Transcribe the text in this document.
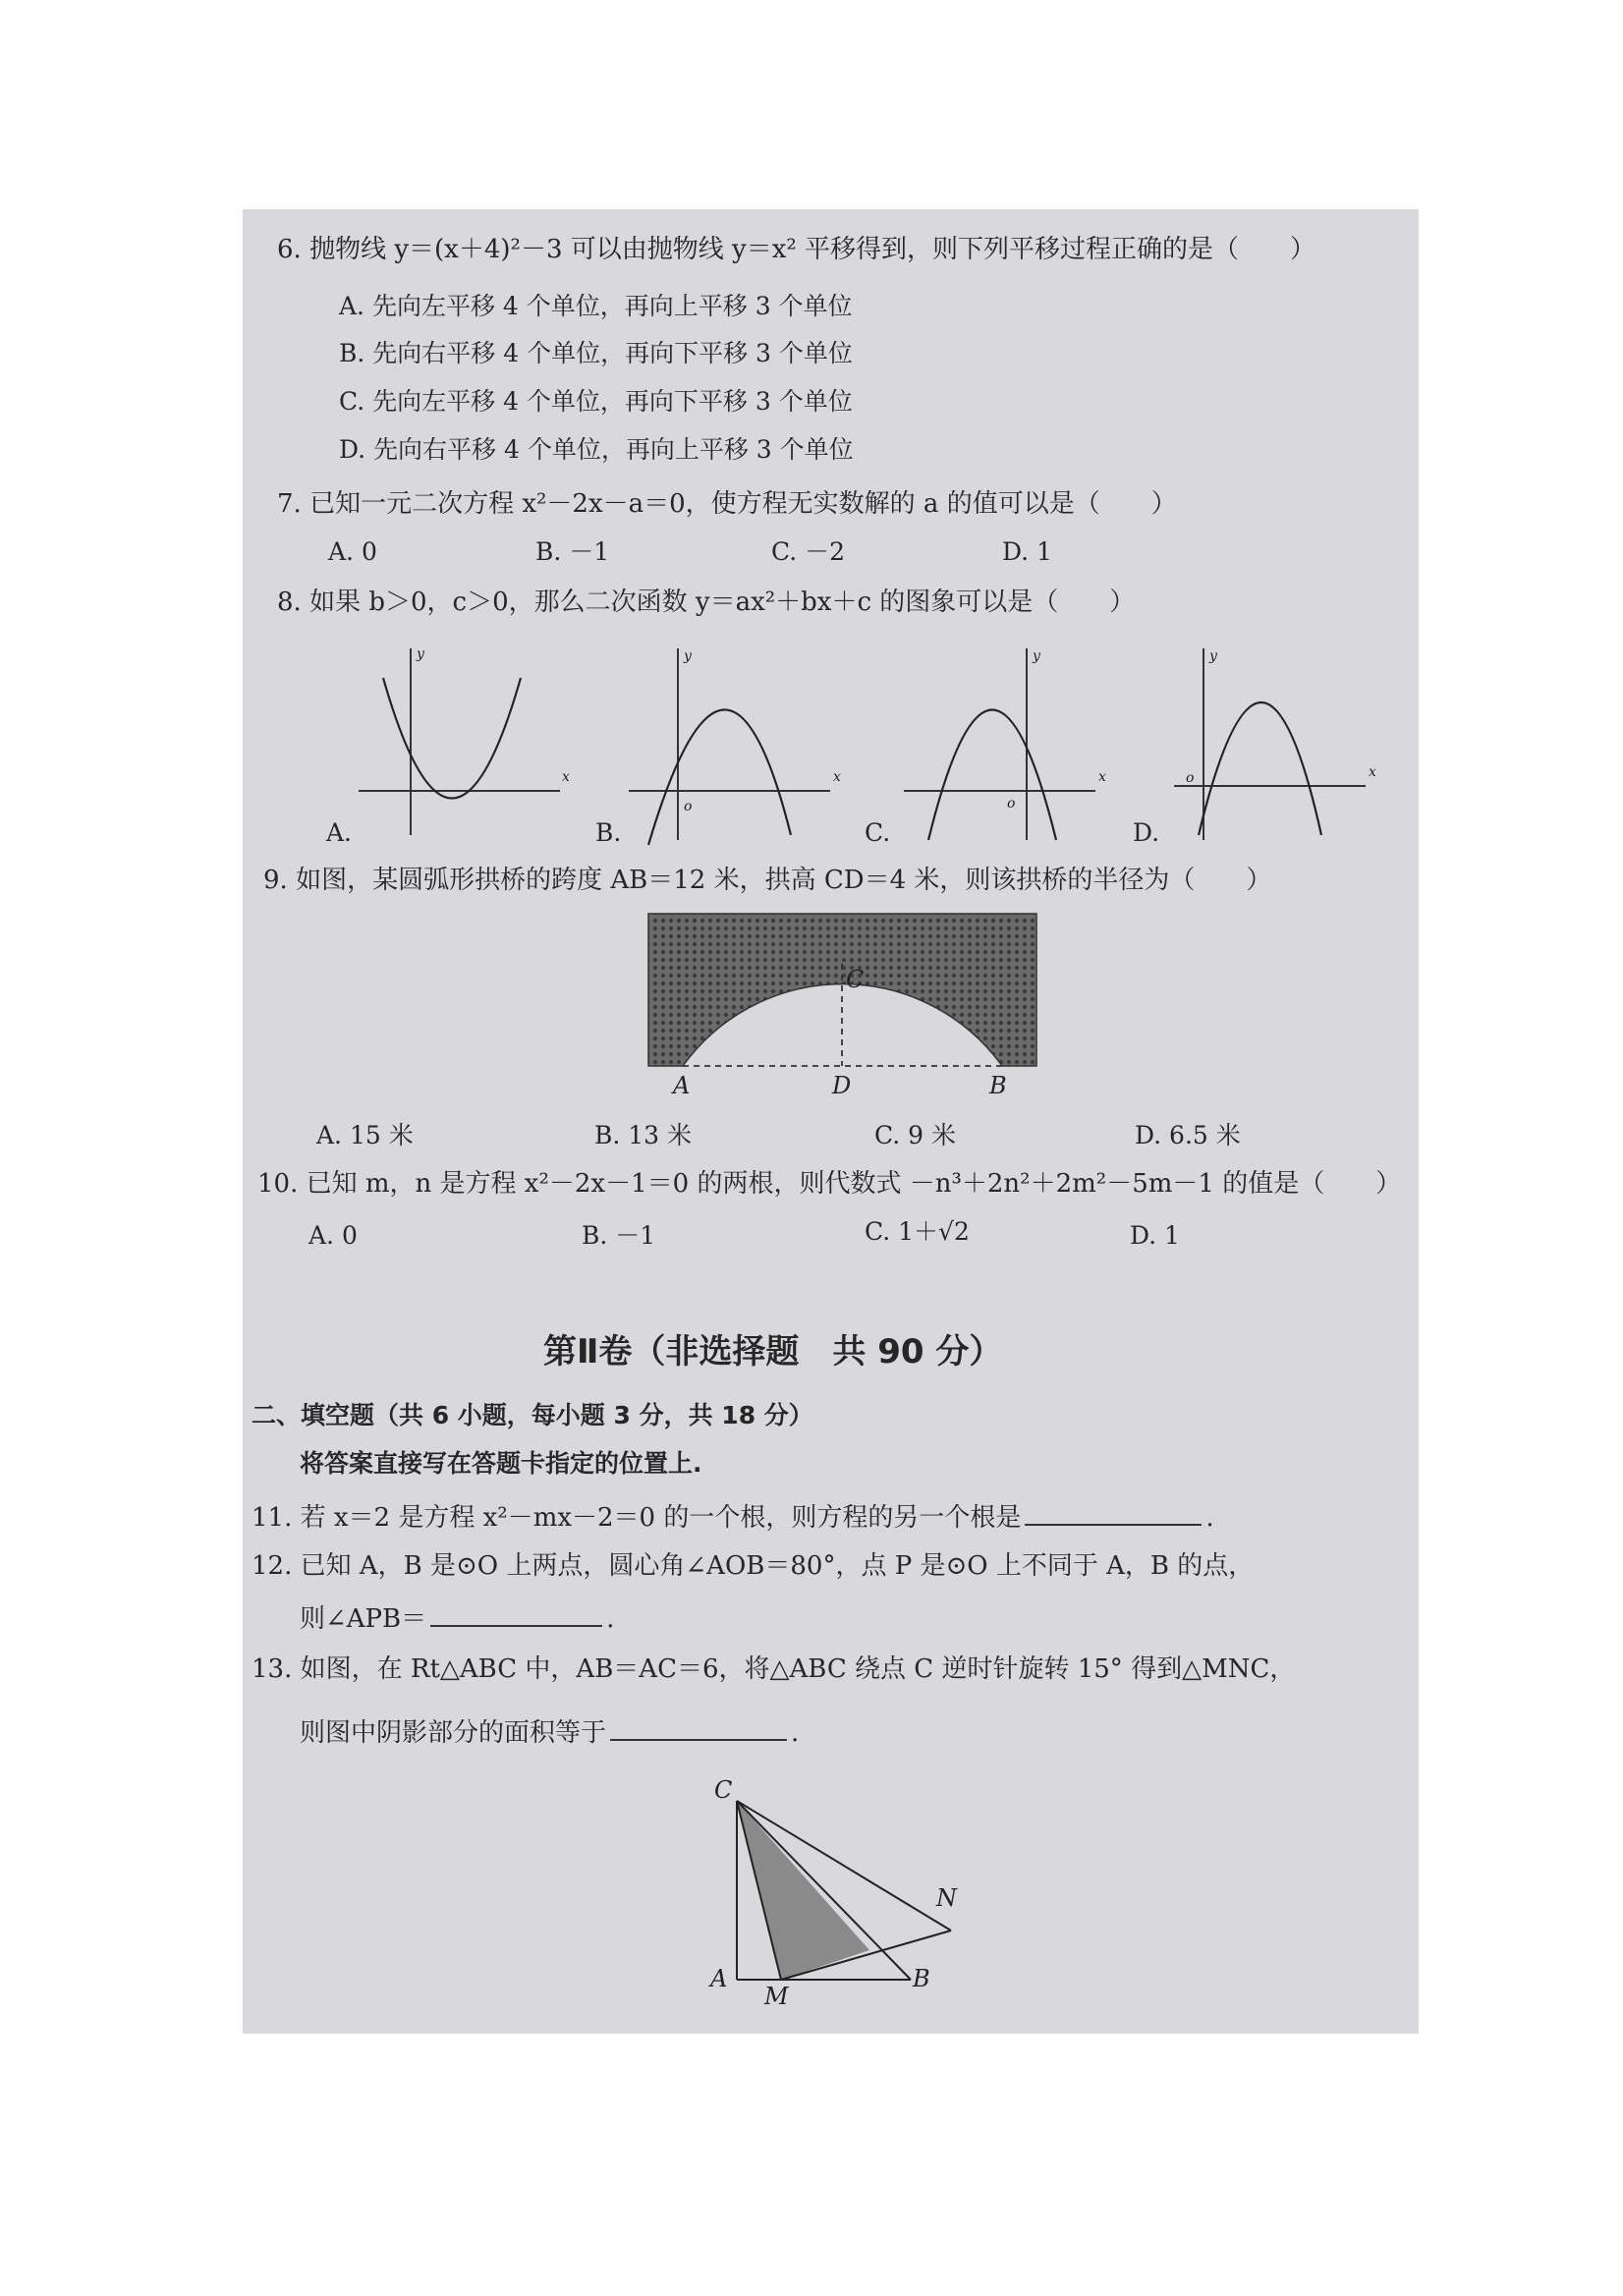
6. 抛物线 y＝(x＋4)²－3 可以由抛物线 y＝x² 平移得到，则下列平移过程正确的是（　　）
A. 先向左平移 4 个单位，再向上平移 3 个单位
B. 先向右平移 4 个单位，再向下平移 3 个单位
C. 先向左平移 4 个单位，再向下平移 3 个单位
D. 先向右平移 4 个单位，再向上平移 3 个单位
7. 已知一元二次方程 x²－2x－a＝0，使方程无实数解的 a 的值可以是（　　）
A. 0	B. －1	C. －2	D. 1
8. 如果 b＞0，c＞0，那么二次函数 y＝ax²＋bx＋c 的图象可以是（　　）
x
y
A.
x
y
o
B.
x
y
o
C.
x
y
o
D.
9. 如图，某圆弧形拱桥的跨度 AB＝12 米，拱高 CD＝4 米，则该拱桥的半径为（　　）
C
A	D	B
A. 15 米	B. 13 米	C. 9 米	D. 6.5 米
10. 已知 m，n 是方程 x²－2x－1＝0 的两根，则代数式 －n³＋2n²＋2m²－5m－1 的值是（　　）
A. 0	B. －1	C. 1＋√2	D. 1
第Ⅱ卷（非选择题　共 90 分）
二、填空题（共 6 小题，每小题 3 分，共 18 分）
将答案直接写在答题卡指定的位置上.
11. 若 x＝2 是方程 x²－mx－2＝0 的一个根，则方程的另一个根是	.
12. 已知 A，B 是⊙O 上两点，圆心角∠AOB＝80°，点 P 是⊙O 上不同于 A，B 的点，
则∠APB＝	.
13. 如图，在 Rt△ABC 中，AB＝AC＝6，将△ABC 绕点 C 逆时针旋转 15° 得到△MNC，
则图中阴影部分的面积等于	.
C
N
A
M
B
